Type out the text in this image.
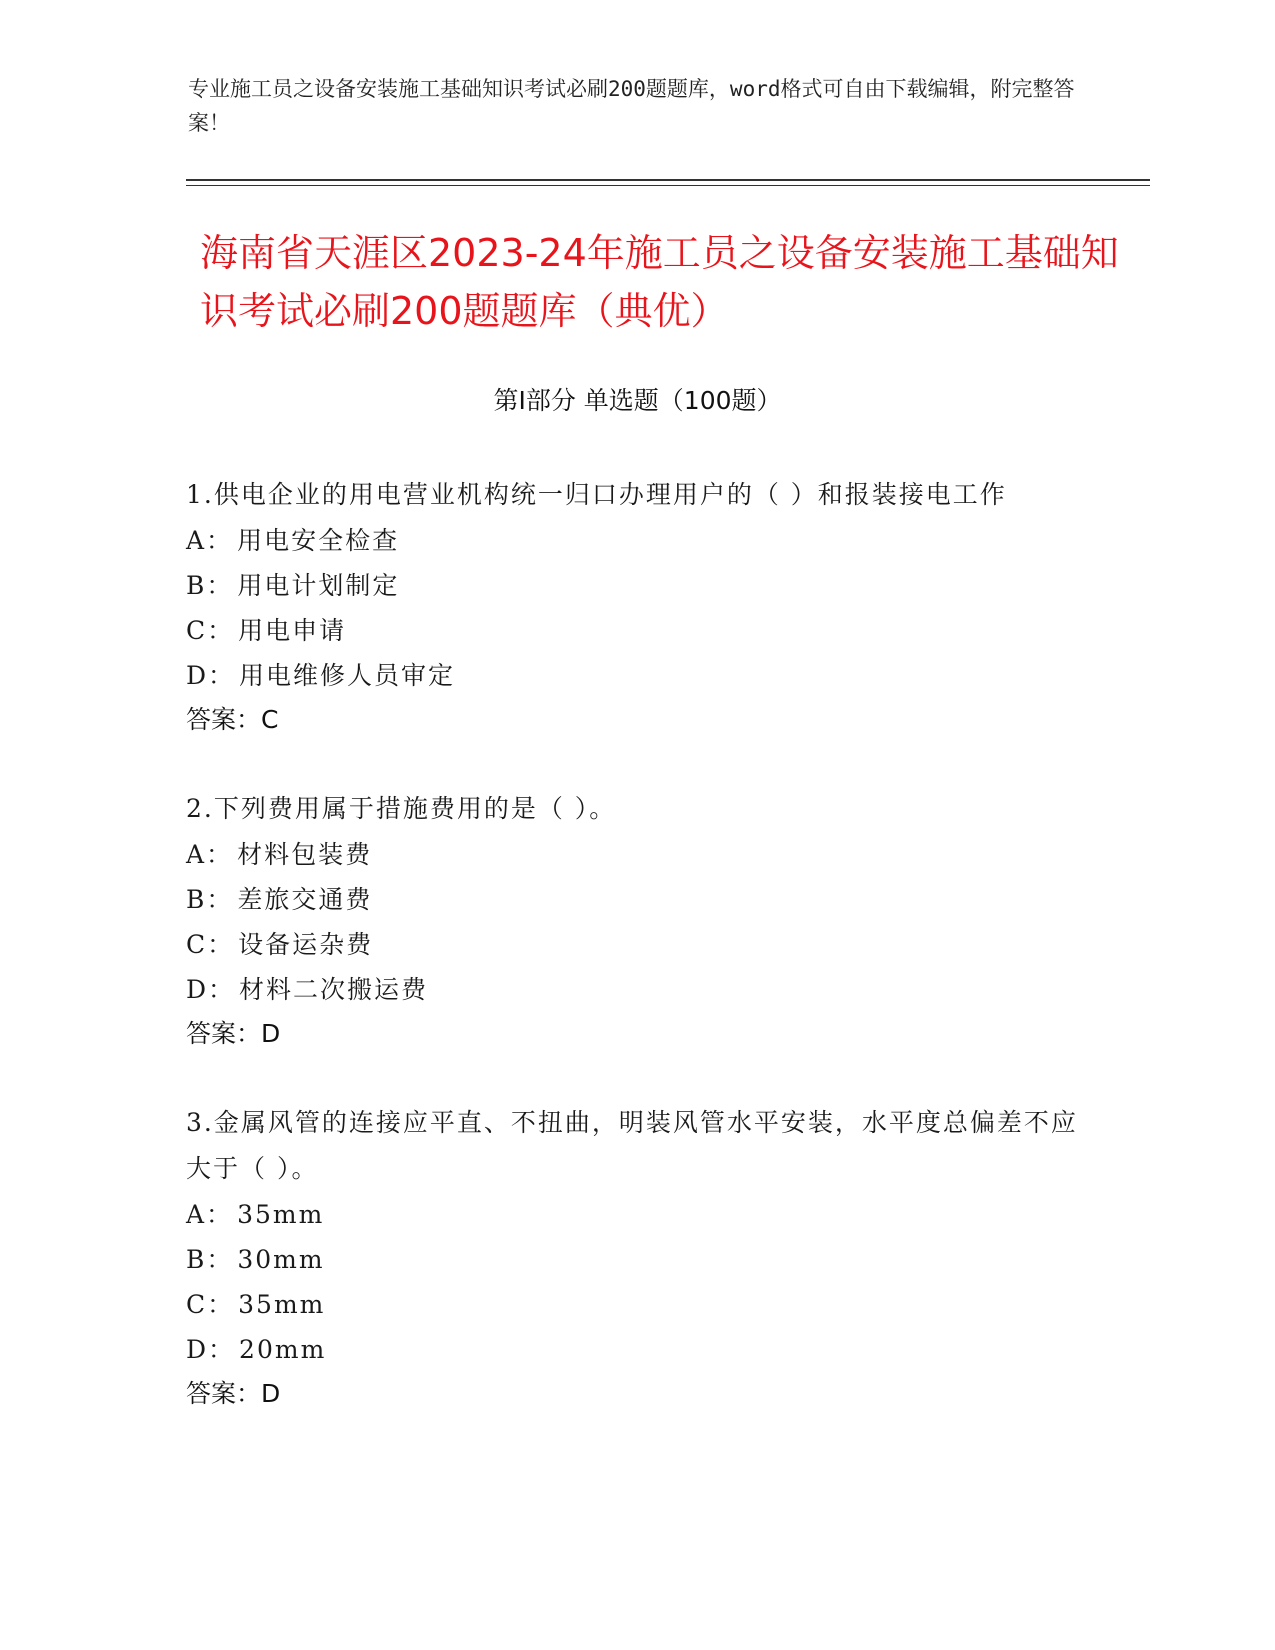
专业施工员之设备安装施工基础知识考试必刷200题题库，word格式可自由下载编辑，附完整答案！
海南省天涯区2023-24年施工员之设备安装施工基础知识考试必刷200题题库（典优）
第Ⅰ部分 单选题（100题）
1.供电企业的用电营业机构统一归口办理用户的（ ）和报装接电工作
A： 用电安全检查
B： 用电计划制定
C： 用电申请
D： 用电维修人员审定
答案：C
2.下列费用属于措施费用的是（ ）。
A： 材料包装费
B： 差旅交通费
C： 设备运杂费
D： 材料二次搬运费
答案：D
3.金属风管的连接应平直、不扭曲，明装风管水平安装，水平度总偏差不应大于（ ）。
A： 35mm
B： 30mm
C： 35mm
D： 20mm
答案：D
